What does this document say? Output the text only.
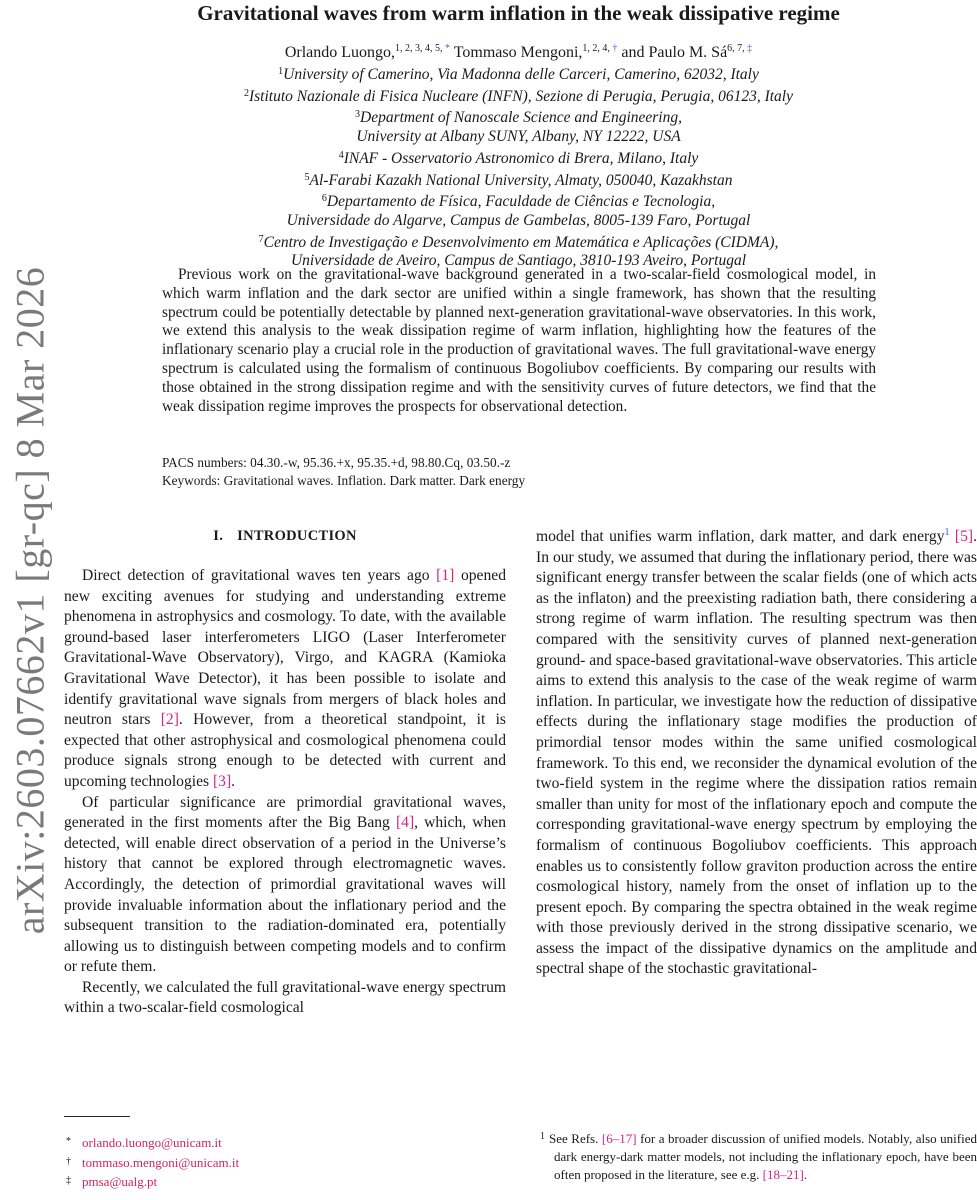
arXiv:2603.07662v1 [gr-qc] 8 Mar 2026
Gravitational waves from warm inflation in the weak dissipative regime
Orlando Luongo,$^{1, 2, 3, 4, 5, *}$ Tommaso Mengoni,$^{1, 2, 4, \dagger}$ and Paulo M. $Sá^{6, 7, \ddagger}$
$^1$University of Camerino, Via Madonna delle Carceri, Camerino, 62032, Italy
$^2$Istituto Nazionale di Fisica Nucleare (INFN), Sezione di Perugia, Perugia, 06123, Italy
$^3$Department of Nanoscale Science and Engineering,
University at Albany SUNY, Albany, NY 12222, USA
$^4$INAF - Osservatorio Astronomico di Brera, Milano, Italy
$^5$Al-Farabi Kazakh National University, Almaty, 050040, Kazakhstan
$^6$Departamento de Física, Faculdade de Ciências e Tecnologia,
Universidade do Algarve, Campus de Gambelas, 8005-139 Faro, Portugal
$^7$Centro de Investigação e Desenvolvimento em Matemática e Aplicações (CIDMA),
Universidade de Aveiro, Campus de Santiago, 3810-193 Aveiro, Portugal
Previous work on the gravitational-wave background generated in a two-scalar-field cosmological model, in which warm inflation and the dark sector are unified within a single framework, has shown that the resulting spectrum could be potentially detectable by planned next-generation gravitational-wave observatories. In this work, we extend this analysis to the weak dissipation regime of warm inflation, highlighting how the features of the inflationary scenario play a crucial role in the production of gravitational waves. The full gravitational-wave energy spectrum is calculated using the formalism of continuous Bogoliubov coefficients. By comparing our results with those obtained in the strong dissipation regime and with the sensitivity curves of future detectors, we find that the weak dissipation regime improves the prospects for observational detection.
PACS numbers: 04.30.-w, 95.36.+x, 95.35.+d, 98.80.Cq, 03.50.-z
Keywords: Gravitational waves. Inflation. Dark matter. Dark energy
I. INTRODUCTION

Direct detection of gravitational waves ten years ago [1] opened new exciting avenues for studying and understanding extreme phenomena in astrophysics and cosmology. To date, with the available ground-based laser interferometers LIGO (Laser Interferometer Gravitational-Wave Observatory), Virgo, and KAGRA (Kamioka Gravitational Wave Detector), it has been possible to isolate and identify gravitational wave signals from mergers of black holes and neutron stars [2]. However, from a theoretical standpoint, it is expected that other astrophysical and cosmological phenomena could produce signals strong enough to be detected with current and upcoming technologies [3].

Of particular significance are primordial gravitational waves, generated in the first moments after the Big Bang [4], which, when detected, will enable direct observation of a period in the Universe’s history that cannot be explored through electromagnetic waves. Accordingly, the detection of primordial gravitational waves will provide invaluable information about the inflationary period and the subsequent transition to the radiation-dominated era, potentially allowing us to distinguish between competing models and to confirm or refute them.

Recently, we calculated the full gravitational-wave energy spectrum within a two-scalar-field cosmological

model that unifies warm inflation, dark matter, and dark energy$^1$ [5]. In our study, we assumed that during the inflationary period, there was significant energy transfer between the scalar fields (one of which acts as the inflaton) and the preexisting radiation bath, there considering a strong regime of warm inflation. The resulting spectrum was then compared with the sensitivity curves of planned next-generation ground- and space-based gravitational-wave observatories. This article aims to extend this analysis to the case of the weak regime of warm inflation. In particular, we investigate how the reduction of dissipative effects during the inflationary stage modifies the production of primordial tensor modes within the same unified cosmological framework. To this end, we reconsider the dynamical evolution of the two-field system in the regime where the dissipation ratios remain smaller than unity for most of the inflationary epoch and compute the corresponding gravitational-wave energy spectrum by employing the formalism of continuous Bogoliubov coefficients. This approach enables us to consistently follow graviton production across the entire cosmological history, namely from the onset of inflation up to the present epoch. By comparing the spectra obtained in the weak regime with those previously derived in the strong dissipative scenario, we assess the impact of the dissipative dynamics on the amplitude and spectral shape of the stochastic gravitational-

* orlando.luongo@unicam.it
† tommaso.mengoni@unicam.it
‡ pmsa@ualg.pt
$^1$ See Refs. [6–17] for a broader discussion of unified models. Notably, also unified dark energy-dark matter models, not including the inflationary epoch, have been often proposed in the literature, see e.g. [18–21].
